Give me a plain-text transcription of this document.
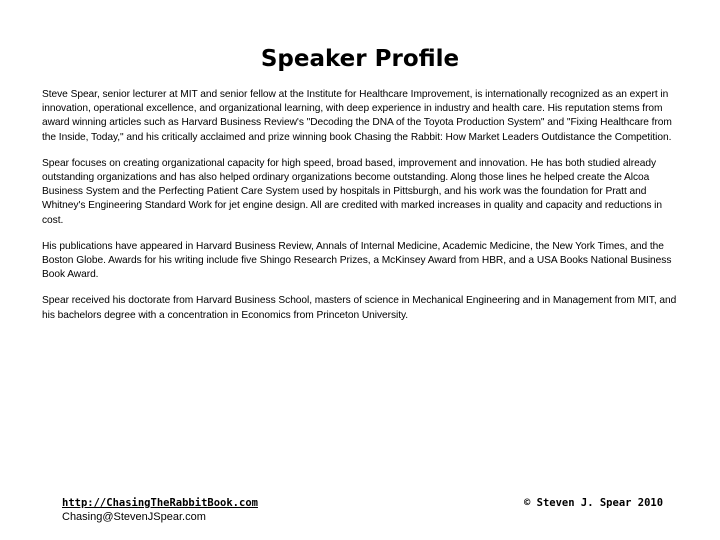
Speaker Profile

Steve Spear, senior lecturer at MIT and senior fellow at the Institute for Healthcare Improvement, is internationally recognized as an expert in innovation, operational excellence, and organizational learning, with deep experience in industry and health care. His reputation stems from award winning articles such as Harvard Business Review's "Decoding the DNA of the Toyota Production System" and "Fixing Healthcare from the Inside, Today," and his critically acclaimed and prize winning book Chasing the Rabbit: How Market Leaders Outdistance the Competition.

Spear focuses on creating organizational capacity for high speed, broad based, improvement and innovation. He has both studied already outstanding organizations and has also helped ordinary organizations become outstanding. Along those lines he helped create the Alcoa Business System and the Perfecting Patient Care System used by hospitals in Pittsburgh, and his work was the foundation for Pratt and Whitney's Engineering Standard Work for jet engine design. All are credited with marked increases in quality and capacity and reductions in cost.

His publications have appeared in Harvard Business Review, Annals of Internal Medicine, Academic Medicine, the New York Times, and the Boston Globe. Awards for his writing include five Shingo Research Prizes, a McKinsey Award from HBR, and a USA Books National Business Book Award.

Spear received his doctorate from Harvard Business School, masters of science in Mechanical Engineering and in Management from MIT, and his bachelors degree with a concentration in Economics from Princeton University.

http://ChasingTheRabbitBook.com
Chasing@StevenJSpear.com
© Steven J. Spear 2010
